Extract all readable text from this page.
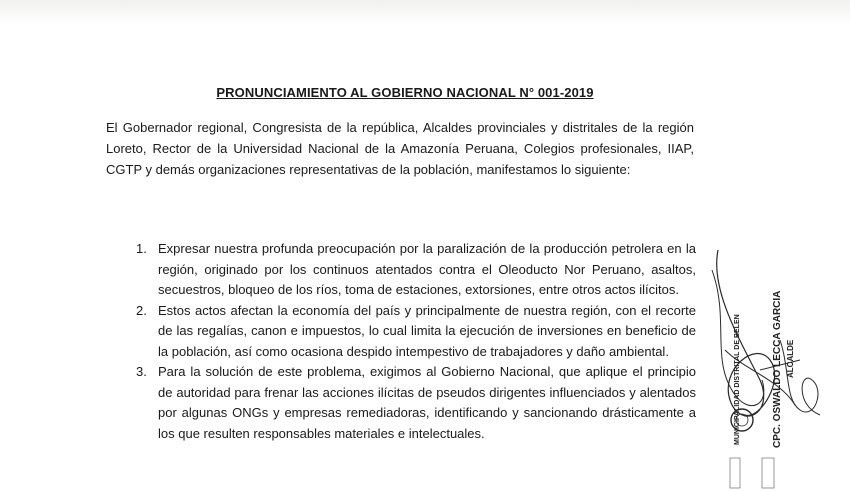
PRONUNCIAMIENTO AL GOBIERNO NACIONAL N° 001-2019

El Gobernador regional, Congresista de la república, Alcaldes provinciales y distritales de la región Loreto, Rector de la Universidad Nacional de la Amazonía Peruana, Colegios profesionales, IIAP, CGTP y demás organizaciones representativas de la población, manifestamos lo siguiente:

1. Expresar nuestra profunda preocupación por la paralización de la producción petrolera en la región, originado por los continuos atentados contra el Oleoducto Nor Peruano, asaltos, secuestros, bloqueo de los ríos, toma de estaciones, extorsiones, entre otros actos ilícitos.
2. Estos actos afectan la economía del país y principalmente de nuestra región, con el recorte de las regalías, canon e impuestos, lo cual limita la ejecución de inversiones en beneficio de la población, así como ocasiona despido intempestivo de trabajadores y daño ambiental.
3. Para la solución de este problema, exigimos al Gobierno Nacional, que aplique el principio de autoridad para frenar las acciones ilícitas de pseudos dirigentes influenciados y alentados por algunas ONGs y empresas remediadoras, identificando y sancionando drásticamente a los que resulten responsables materiales e intelectuales.	MUNICIPALIDAD DISTRITAL DE BELEN	CPC. OSWALDO LECCA GARCIA ALCALDE
